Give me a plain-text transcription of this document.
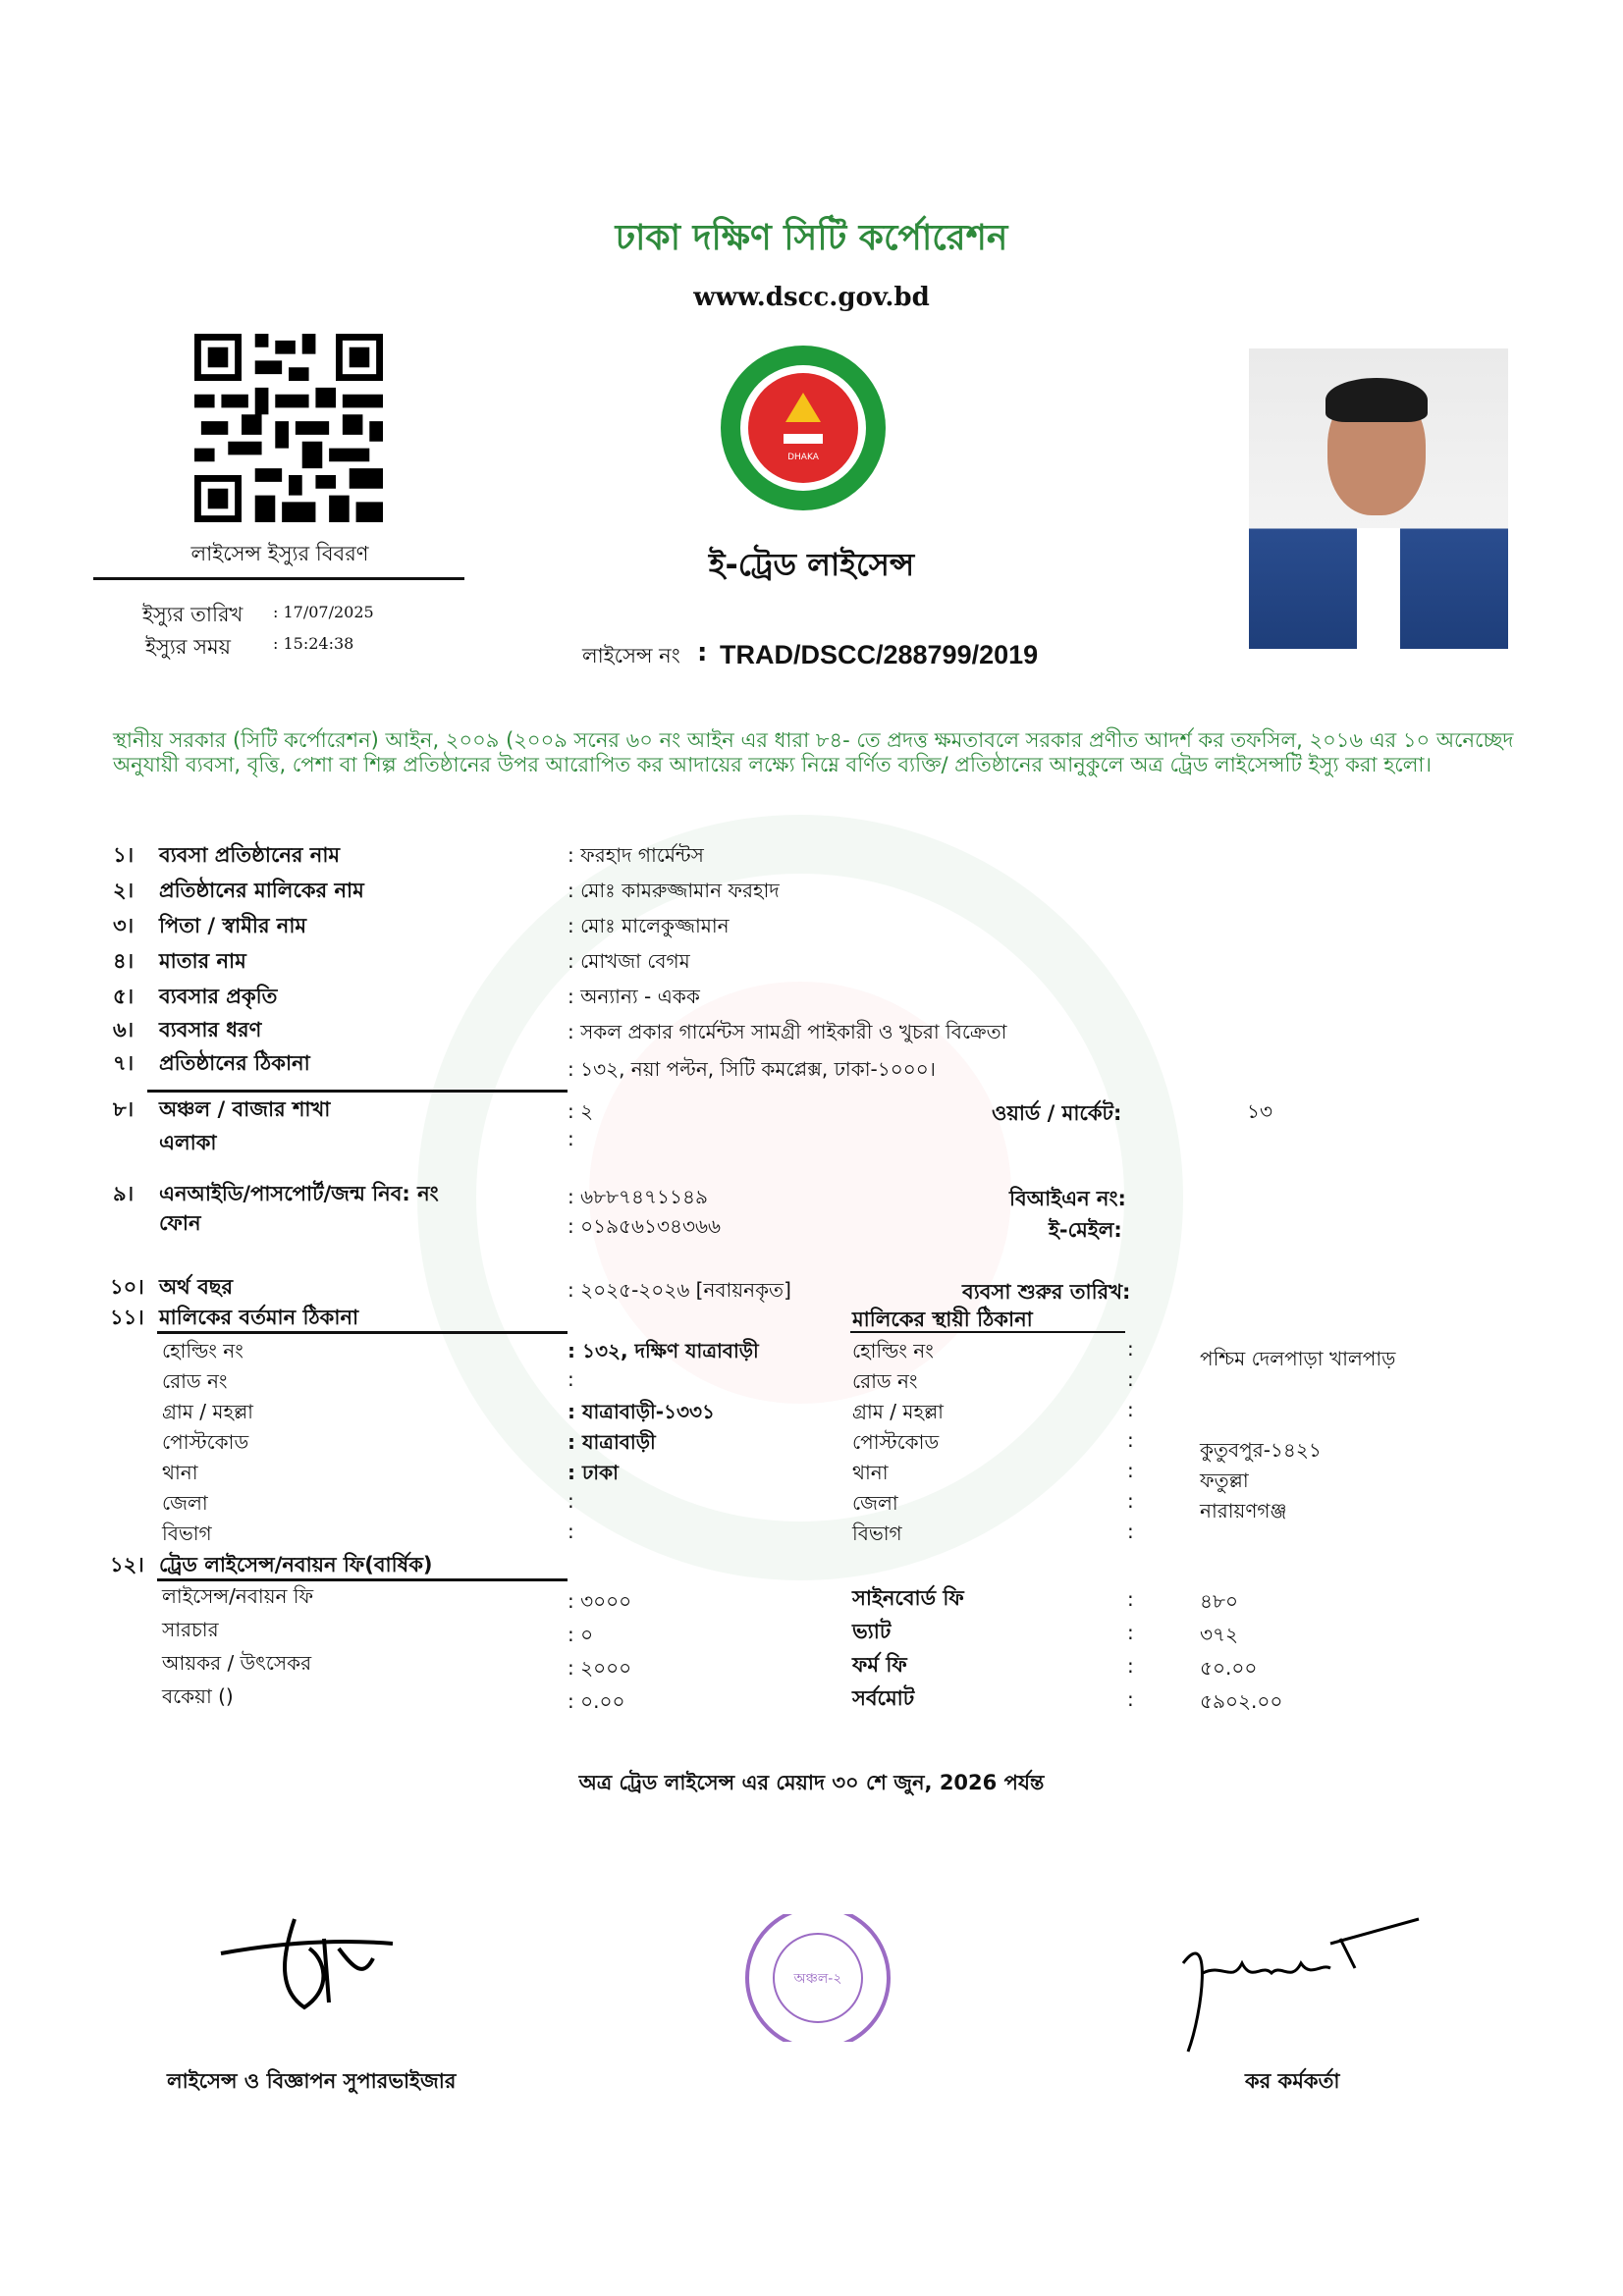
ঢাকা দক্ষিণ সিটি কর্পোরেশন
www.dscc.gov.bd
DHAKA
লাইসেন্স ইস্যুর বিবরণ
ইস্যুর তারিখ : 17/07/2025
ইস্যুর সময়	: 15:24:38
ই-ট্রেড লাইসেন্স
লাইসেন্স নং : TRAD/DSCC/288799/2019
স্থানীয় সরকার (সিটি কর্পোরেশন) আইন, ২০০৯ (২০০৯ সনের ৬০ নং আইন এর ধারা ৮৪- তে প্রদত্ত ক্ষমতাবলে সরকার প্রণীত আদর্শ কর তফসিল, ২০১৬ এর ১০ অনেচ্ছেদ অনুযায়ী ব্যবসা, বৃত্তি, পেশা বা শিল্প প্রতিষ্ঠানের উপর আরোপিত কর আদায়ের লক্ষ্যে নিম্নে বর্ণিত ব্যক্তি/ প্রতিষ্ঠানের আনুকুলে অত্র ট্রেড লাইসেন্সটি ইস্যু করা হলো।
১। ব্যবসা প্রতিষ্ঠানের নাম	: ফরহাদ গার্মেন্টস
২। প্রতিষ্ঠানের মালিকের নাম	: মোঃ কামরুজ্জামান ফরহাদ
৩। পিতা / স্বামীর নাম	: মোঃ মালেকুজ্জামান
৪। মাতার নাম	: মোখজা বেগম
৫। ব্যবসার প্রকৃতি	: অন্যান্য - একক
৬। ব্যবসার ধরণ	: সকল প্রকার গার্মেন্টস সামগ্রী পাইকারী ও খুচরা বিক্রেতা
৭। প্রতিষ্ঠানের ঠিকানা	: ১৩২, নয়া পল্টন, সিটি কমপ্লেক্স, ঢাকা-১০০০।
৮। অঞ্চল / বাজার শাখা	: ২	ওয়ার্ড / মার্কেট:	১৩
এলাকা	:
৯। এনআইডি/পাসপোর্ট/জন্ম নিব: নং	: ৬৮৮৭৪৭১১৪৯	বিআইএন নং:
ফোন	: ০১৯৫৬১৩৪৩৬৬	ই-মেইল:
১০। অর্থ বছর	: ২০২৫-২০২৬ [নবায়নকৃত]	ব্যবসা শুরুর তারিখ:
১১। মালিকের বর্তমান ঠিকানা	মালিকের স্থায়ী ঠিকানা
হোল্ডিং নং	: ১৩২, দক্ষিণ যাত্রাবাড়ী	হোল্ডিং নং	:	পশ্চিম দেলপাড়া খালপাড়
রোড নং	:	রোড নং	:
গ্রাম / মহল্লা	: যাত্রাবাড়ী-১৩৩১	গ্রাম / মহল্লা	:
পোস্টকোড	: যাত্রাবাড়ী	পোস্টকোড	:	কুতুবপুর-১৪২১
থানা	: ঢাকা	থানা	:	ফতুল্লা
জেলা	:	জেলা	:	নারায়ণগঞ্জ
বিভাগ	:	বিভাগ	:
১২। ট্রেড লাইসেন্স/নবায়ন ফি(বার্ষিক)
লাইসেন্স/নবায়ন ফি	: ৩০০০	সাইনবোর্ড ফি	:	৪৮০
সারচার	: ০	ভ্যাট	:	৩৭২
আয়কর / উৎসেকর	: ২০০০	ফর্ম ফি	:	৫০.০০
বকেয়া ()	: ০.০০	সর্বমোট	:	৫৯০২.০০
অত্র ট্রেড লাইসেন্স এর মেয়াদ ৩০ শে জুন, 2026 পর্যন্ত
অঞ্চল-২
লাইসেন্স ও বিজ্ঞাপন সুপারভাইজার	কর কর্মকর্তা
